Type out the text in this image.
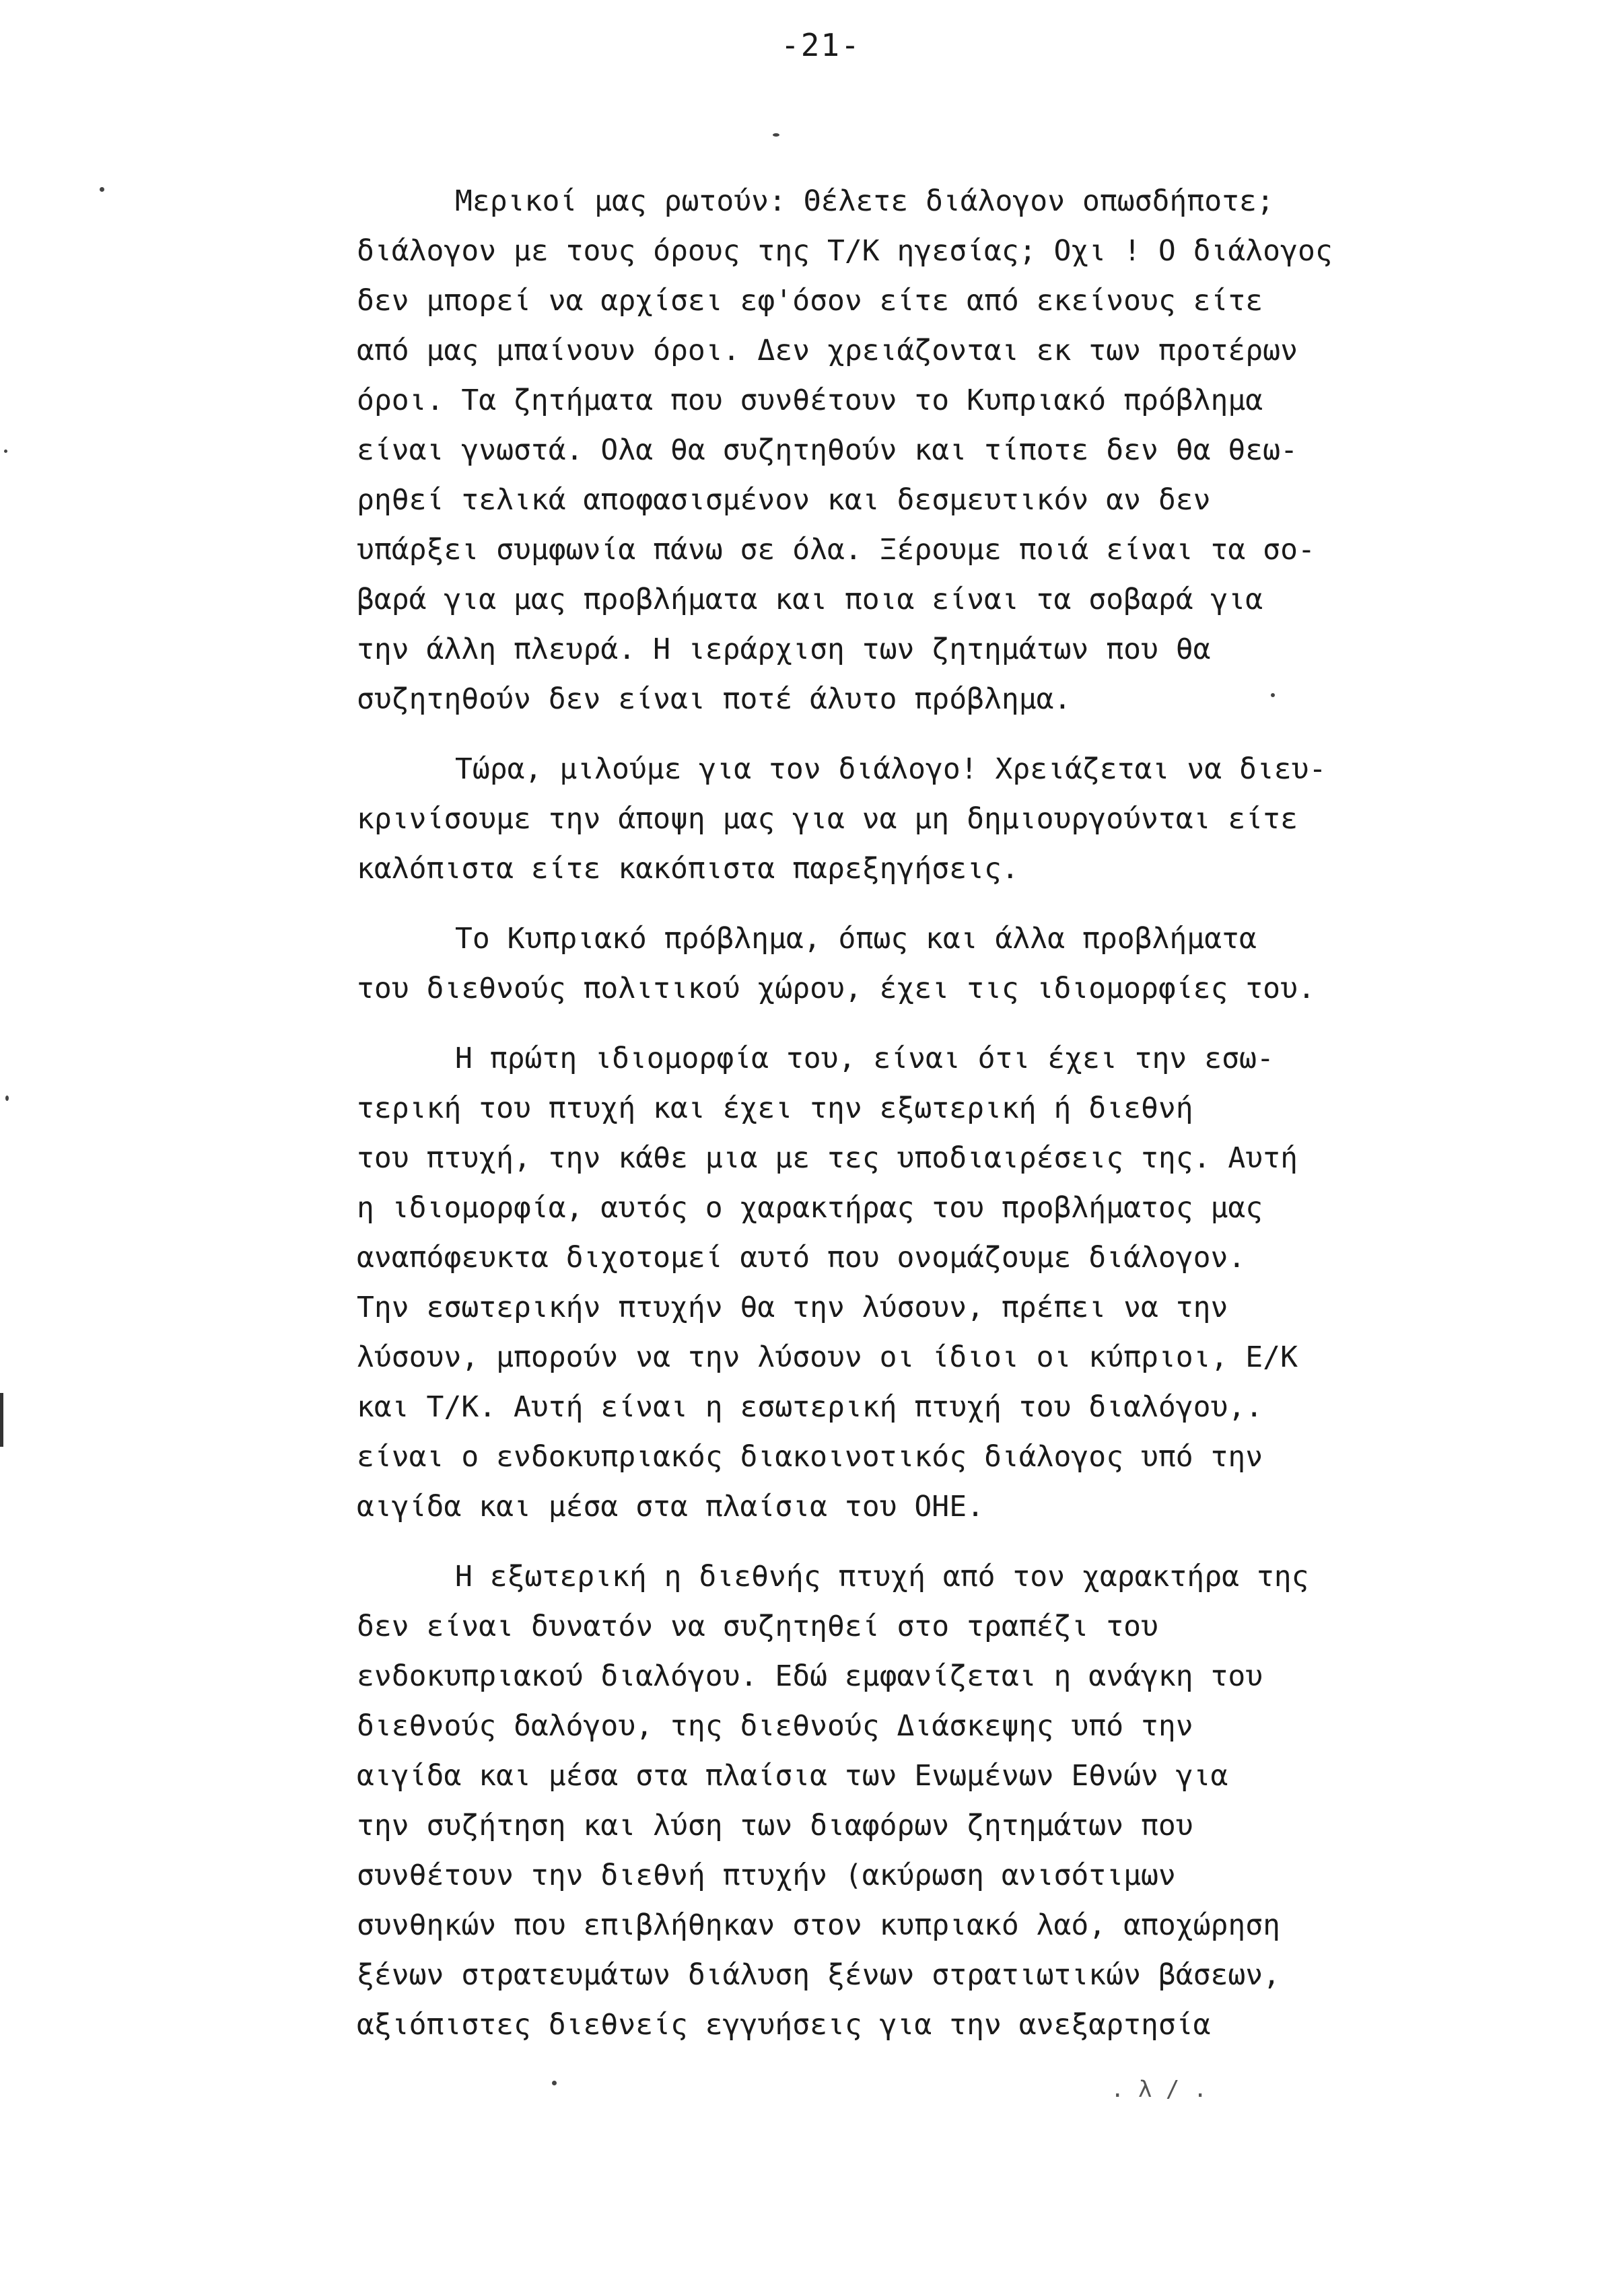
-21-
Μερικοί μας ρωτούν: Θέλετε διάλογον οπωσδήποτε;
διάλογον με τους όρους της Τ/Κ ηγεσίας; Οχι ! Ο διάλογος
δεν μπορεί να αρχίσει εφ'όσον είτε από εκείνους είτε
από μας μπαίνουν όροι. Δεν χρειάζονται εκ των προτέρων
όροι. Τα ζητήματα που συνθέτουν το Κυπριακό πρόβλημα
είναι γνωστά. Ολα θα συζητηθούν και τίποτε δεν θα θεω-
ρηθεί τελικά αποφασισμένον και δεσμευτικόν αν δεν
υπάρξει συμφωνία πάνω σε όλα. Ξέρουμε ποιά είναι τα σο-
βαρά για μας προβλήματα και ποια είναι τα σοβαρά για
την άλλη πλευρά. Η ιεράρχιση των ζητημάτων που θα
συζητηθούν δεν είναι ποτέ άλυτο πρόβλημα.
Τώρα, μιλούμε για τον διάλογο! Χρειάζεται να διευ-
κρινίσουμε την άποψη μας για να μη δημιουργούνται είτε
καλόπιστα είτε κακόπιστα παρεξηγήσεις.
Το Κυπριακό πρόβλημα, όπως και άλλα προβλήματα
του διεθνούς πολιτικού χώρου, έχει τις ιδιομορφίες του.
Η πρώτη ιδιομορφία του, είναι ότι έχει την εσω-
τερική του πτυχή και έχει την εξωτερική ή διεθνή
του πτυχή, την κάθε μια με τες υποδιαιρέσεις της. Αυτή
η ιδιομορφία, αυτός ο χαρακτήρας του προβλήματος μας
αναπόφευκτα διχοτομεί αυτό που ονομάζουμε διάλογον.
Την εσωτερικήν πτυχήν θα την λύσουν, πρέπει να την
λύσουν, μπορούν να την λύσουν οι ίδιοι οι κύπριοι, Ε/Κ
και Τ/Κ. Αυτή είναι η εσωτερική πτυχή του διαλόγου,.
είναι ο ενδοκυπριακός διακοινοτικός διάλογος υπό την
αιγίδα και μέσα στα πλαίσια του ΟΗΕ.
Η εξωτερική η διεθνής πτυχή από τον χαρακτήρα της
δεν είναι δυνατόν να συζητηθεί στο τραπέζι του
ενδοκυπριακού διαλόγου. Εδώ εμφανίζεται η ανάγκη του
διεθνούς δαλόγου, της διεθνούς Διάσκεψης υπό την
αιγίδα και μέσα στα πλαίσια των Ενωμένων Εθνών για
την συζήτηση και λύση των διαφόρων ζητημάτων που
συνθέτουν την διεθνή πτυχήν (ακύρωση ανισότιμων
συνθηκών που επιβλήθηκαν στον κυπριακό λαό, αποχώρηση
ξένων στρατευμάτων διάλυση ξένων στρατιωτικών βάσεων,
αξιόπιστες διεθνείς εγγυήσεις για την ανεξαρτησία
. λ / .
